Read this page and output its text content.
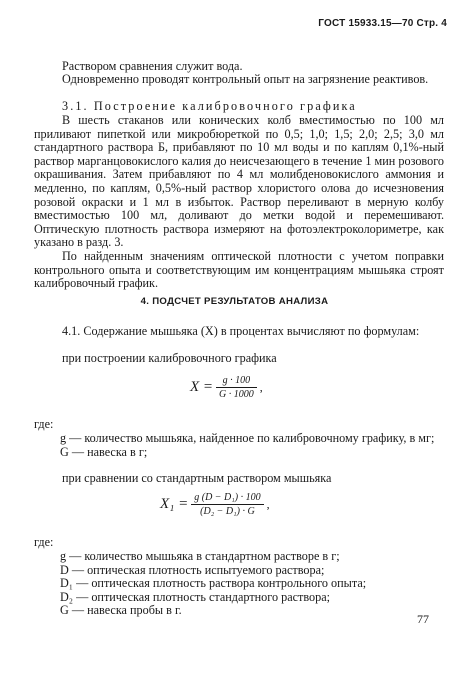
ГОСТ 15933.15—70 Стр. 4

Раствором сравнения служит вода.

Одновременно проводят контрольный опыт на загрязнение реактивов.

3.1. Построение калибровочного графика

В шесть стаканов или конических колб вместимостью по 100 мл приливают пипеткой или микробюреткой по 0,5; 1,0; 1,5; 2,0; 2,5; 3,0 мл стандартного раствора Б, прибавляют по 10 мл воды и по каплям 0,1%-ный раствор марганцовокислого калия до неисчезающего в течение 1 мин розового окрашивания. Затем прибавляют по 4 мл молибденовокислого аммония и медленно, по каплям, 0,5%-ный раствор хлористого олова до исчезновения розовой окраски и 1 мл в избыток. Раствор переливают в мерную колбу вместимостью 100 мл, доливают до метки водой и перемешивают. Оптическую плотность раствора измеряют на фотоэлектроколориметре, как указано в разд. 3.

По найденным значениям оптической плотности с учетом поправки контрольного опыта и соответствующим им концентрациям мышьяка строят калибровочный график.

4. ПОДСЧЕТ РЕЗУЛЬТАТОВ АНАЛИЗА

4.1. Содержание мышьяка (X) в процентах вычисляют по формулам:

при построении калибровочного графика

$X = \frac{g \cdot 100}{G \cdot 1000}$ ,

где:

g — количество мышьяка, найденное по калибровочному графику, в мг;
G — навеска в г;

при сравнении со стандартным раствором мышьяка

$X_1 = \frac{\text{g (D − D₁) · 100}}{\text{(D₂ − D₁) · G}}$ ,

где:

g — количество мышьяка в стандартном растворе в г;
D — оптическая плотность испытуемого раствора;
D₁ — оптическая плотность раствора контрольного опыта;
D₂ — оптическая плотность стандартного раствора;
G — навеска пробы в г.
77
